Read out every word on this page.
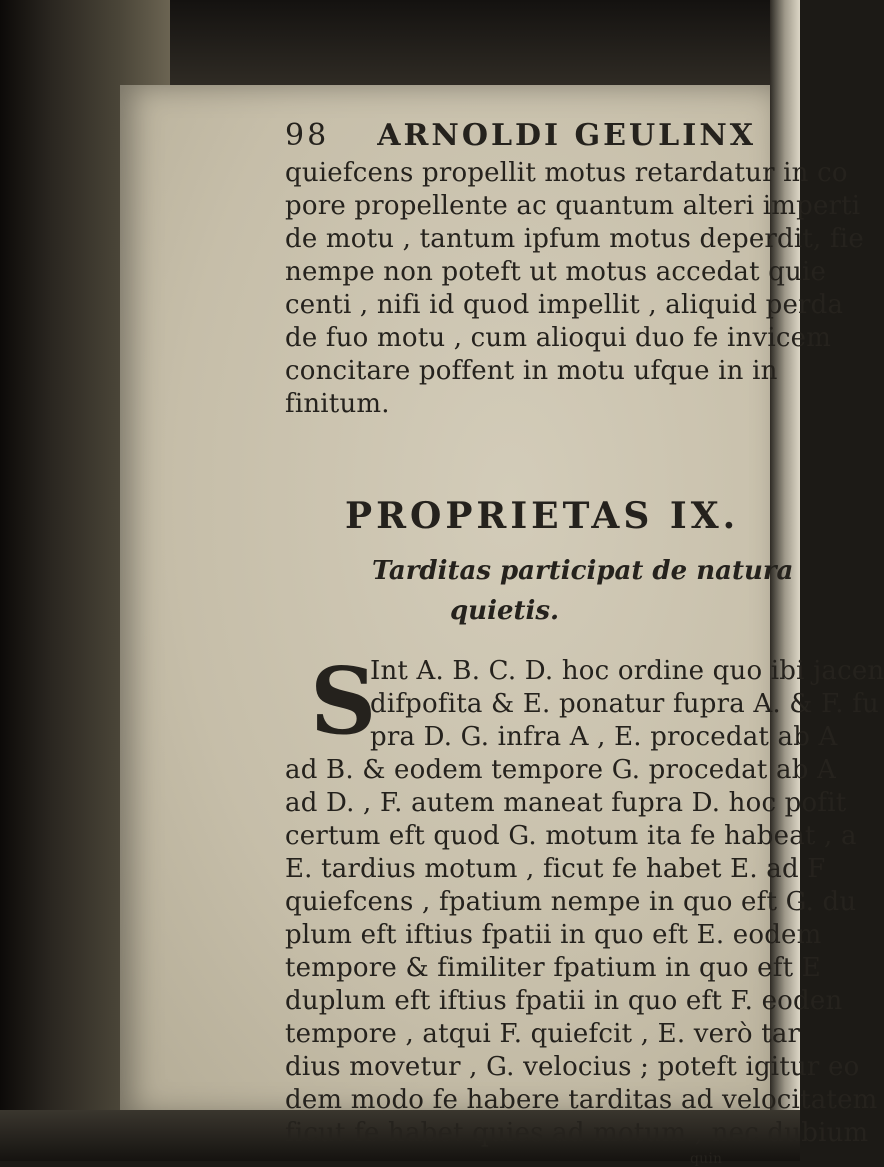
98 ARNOLDI GEULINX
quiefcens propellit motus retardatur in co
pore propellente ac quantum alteri imperti
de motu , tantum ipfum motus deperdit, fie
nempe non poteft ut motus accedat quie
centi , nifi id quod impellit , aliquid perda
de fuo motu , cum alioqui duo fe invicem
concitare poffent in motu ufque in in
finitum.
PROPRIETAS IX.
Tarditas participat de natura
quietis.
S
Int A. B. C. D. hoc ordine quo ibi jacen
difpofita & E. ponatur fupra A. & F. fu
pra D. G. infra A , E. procedat ab A
ad B. & eodem tempore G. procedat ab A
ad D. , F. autem maneat fupra D. hoc pofit
certum eft quod G. motum ita fe habeat , a
E. tardius motum , ficut fe habet E. ad F
quiefcens , fpatium nempe in quo eft G. du
plum eft iftius fpatii in quo eft E. eodem
tempore & fimiliter fpatium in quo eft E
duplum eft iftius fpatii in quo eft F. eoden
tempore , atqui F. quiefcit , E. verò tar
dius movetur , G. velocius ; poteft igitur eo
dem modo fe habere tarditas ad velocitatem
ficut fe habet quies ad motum , nec dubium
quin
